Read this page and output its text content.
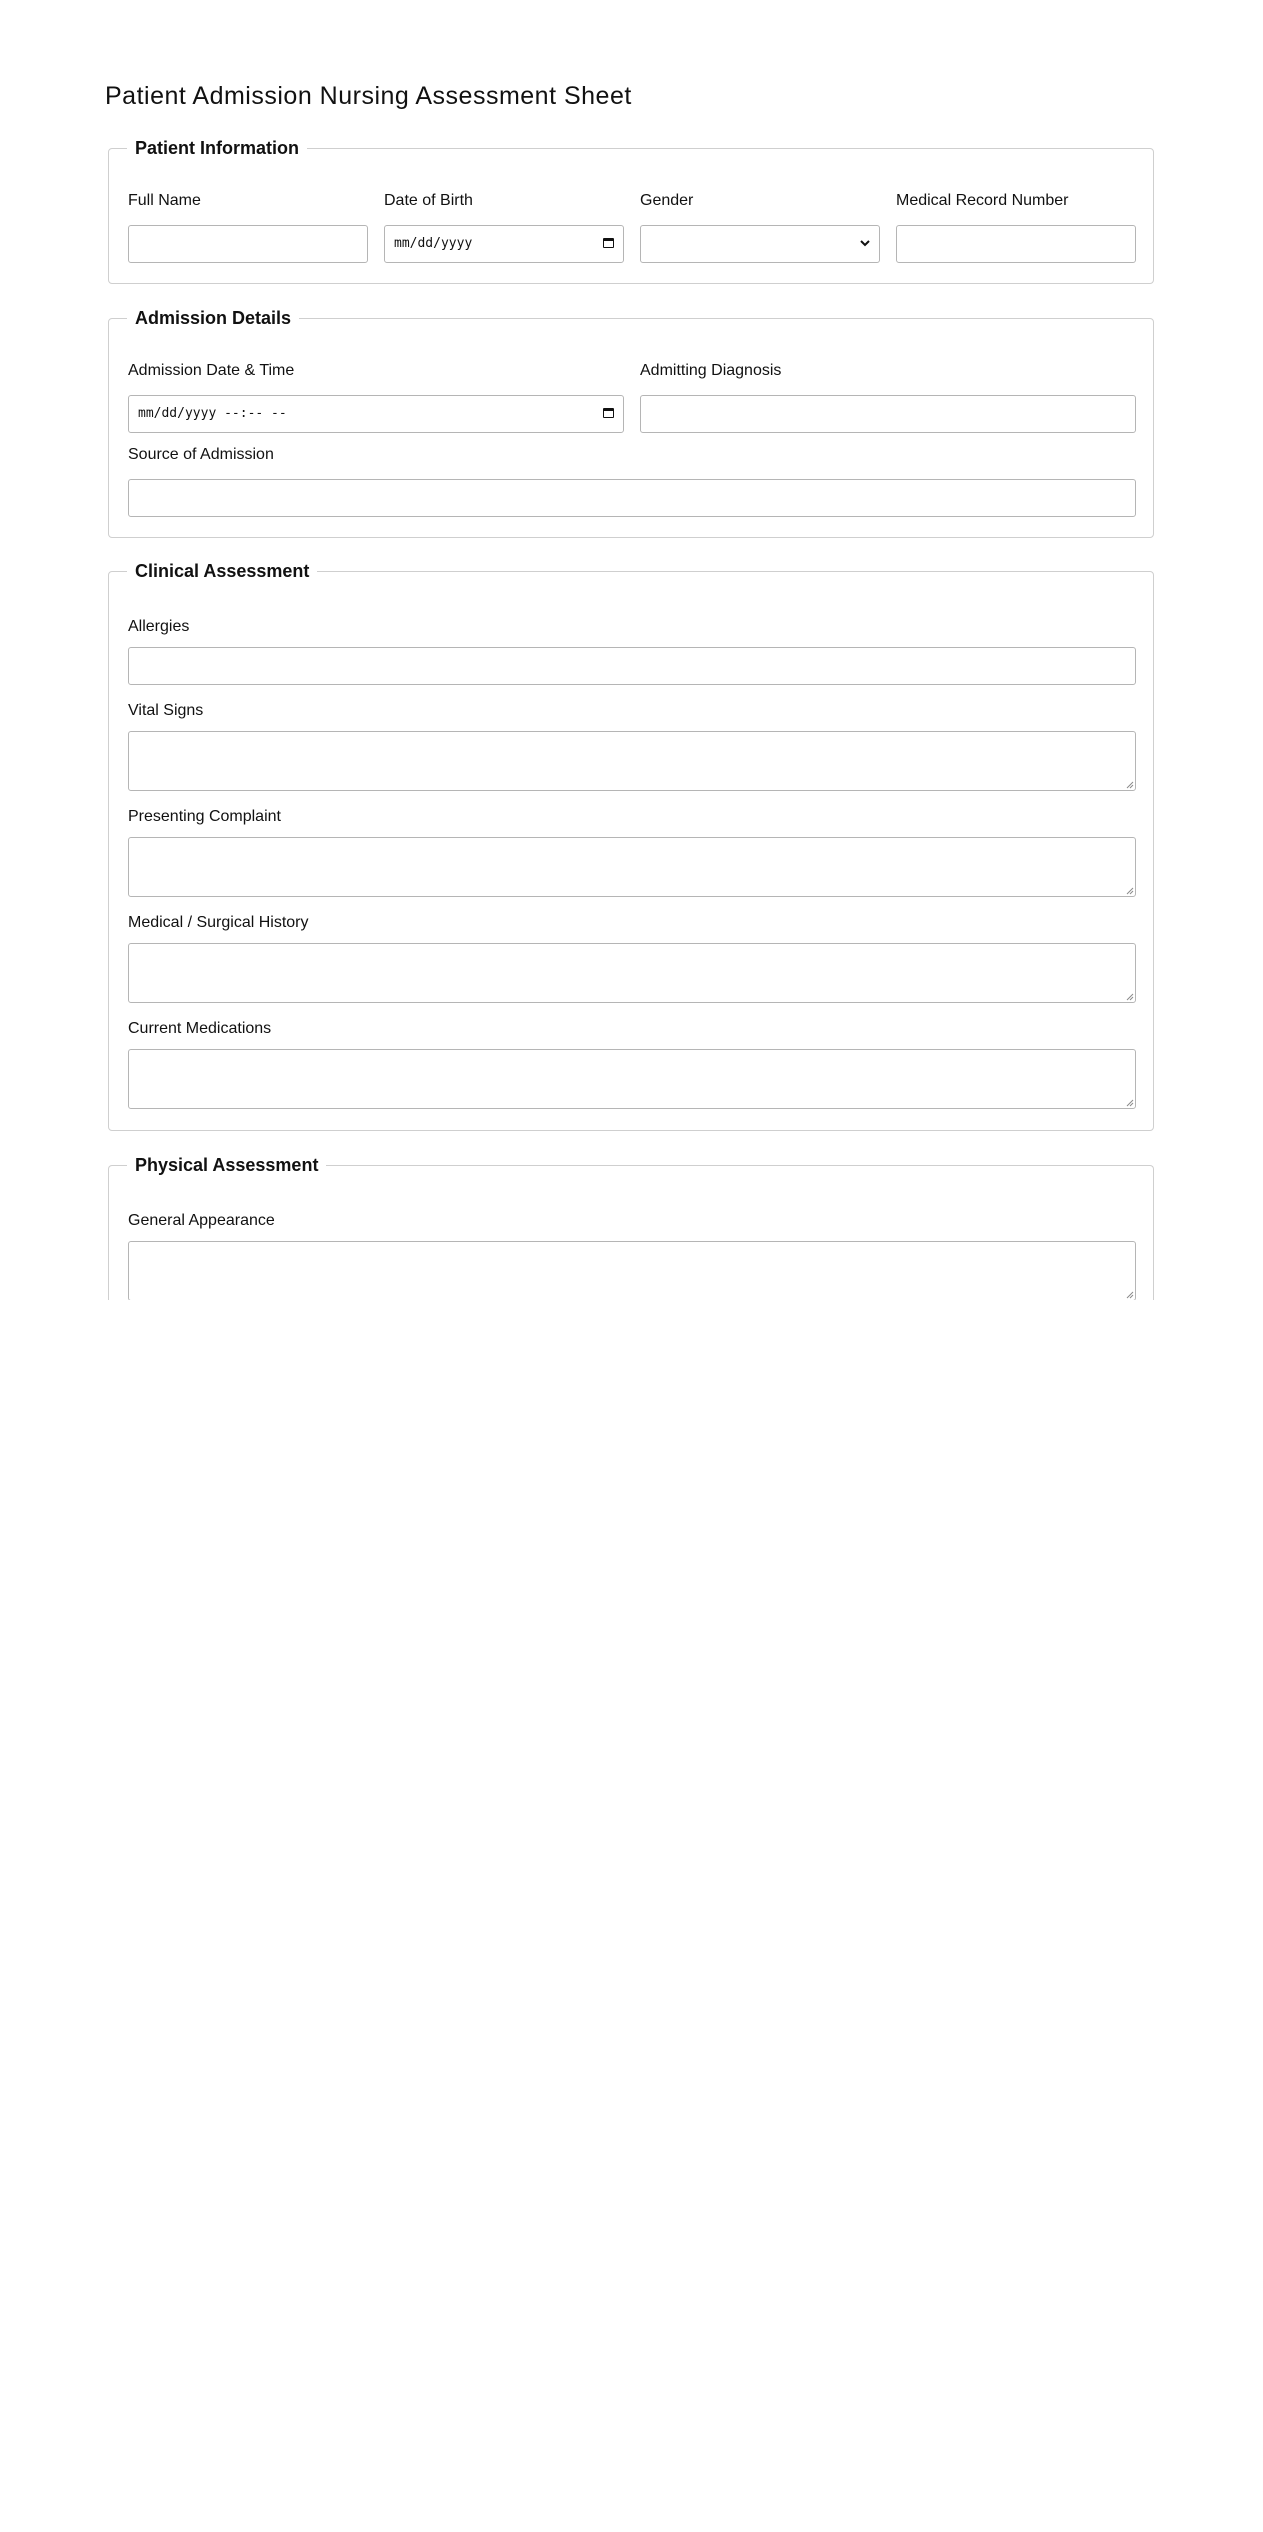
Patient Admission Nursing Assessment Sheet
Patient Information
Full Name	Date of Birth
mm/dd/yyyy
Gender	Medical Record Number
Admission Details
Admission Date & Time
mm/dd/yyyy --:-- --
Admitting Diagnosis
Source of Admission
Clinical Assessment
Allergies
Vital Signs
Presenting Complaint
Medical / Surgical History
Current Medications
Physical Assessment
General Appearance
